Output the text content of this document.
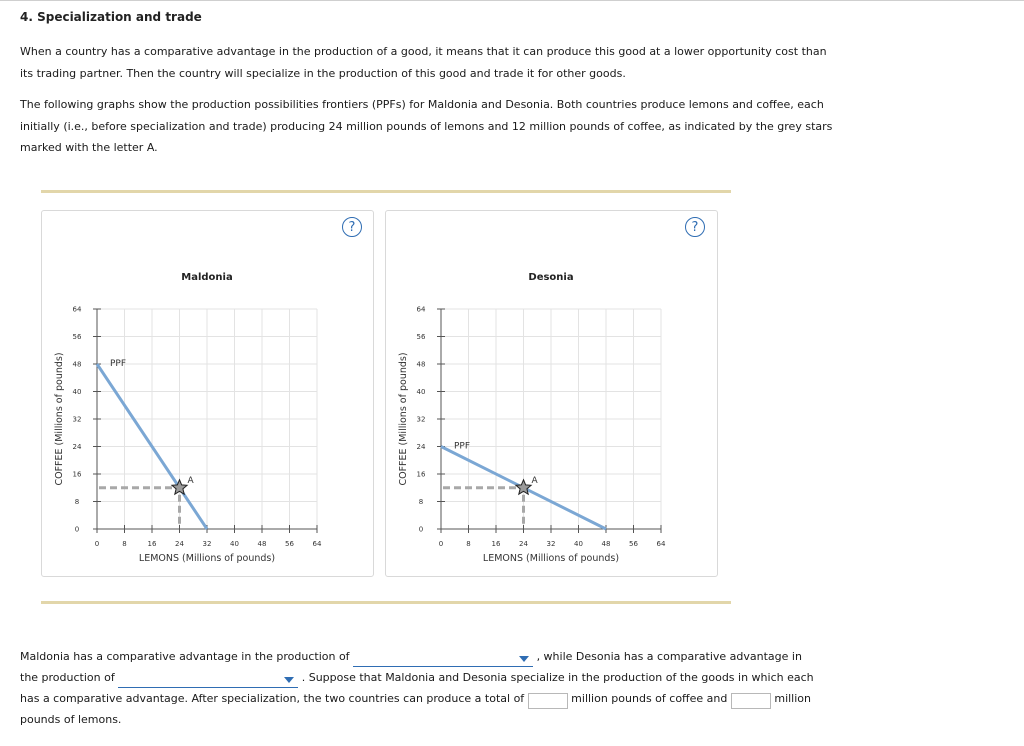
4. Specialization and trade
When a country has a comparative advantage in the production of a good, it means that it can produce this good at a lower opportunity cost than its trading partner. Then the country will specialize in the production of this good and trade it for other goods.
The following graphs show the production possibilities frontiers (PPFs) for Maldonia and Desonia. Both countries produce lemons and coffee, each initially (i.e., before specialization and trade) producing 24 million pounds of lemons and 12 million pounds of coffee, as indicated by the grey stars marked with the letter A.
?
Maldonia
0	8	16	24	32	40	48	56	64
0
8
16
24
32
40
48
56
64
LEMONS (Millions of pounds)
COFFEE (Millions of pounds)	PPF
A
?
Desonia
0	8	16	24	32	40	48	56	64
0
8
16
24
32
40
48
56
64
LEMONS (Millions of pounds)
COFFEE (Millions of pounds)	PPF
A
Maldonia has a comparative advantage in the production of	, while Desonia has a comparative advantage in the production of	. Suppose that Maldonia and Desonia specialize in the production of the goods in which each has a comparative advantage. After specialization, the two countries can produce a total of	million pounds of coffee and	million pounds of lemons.
